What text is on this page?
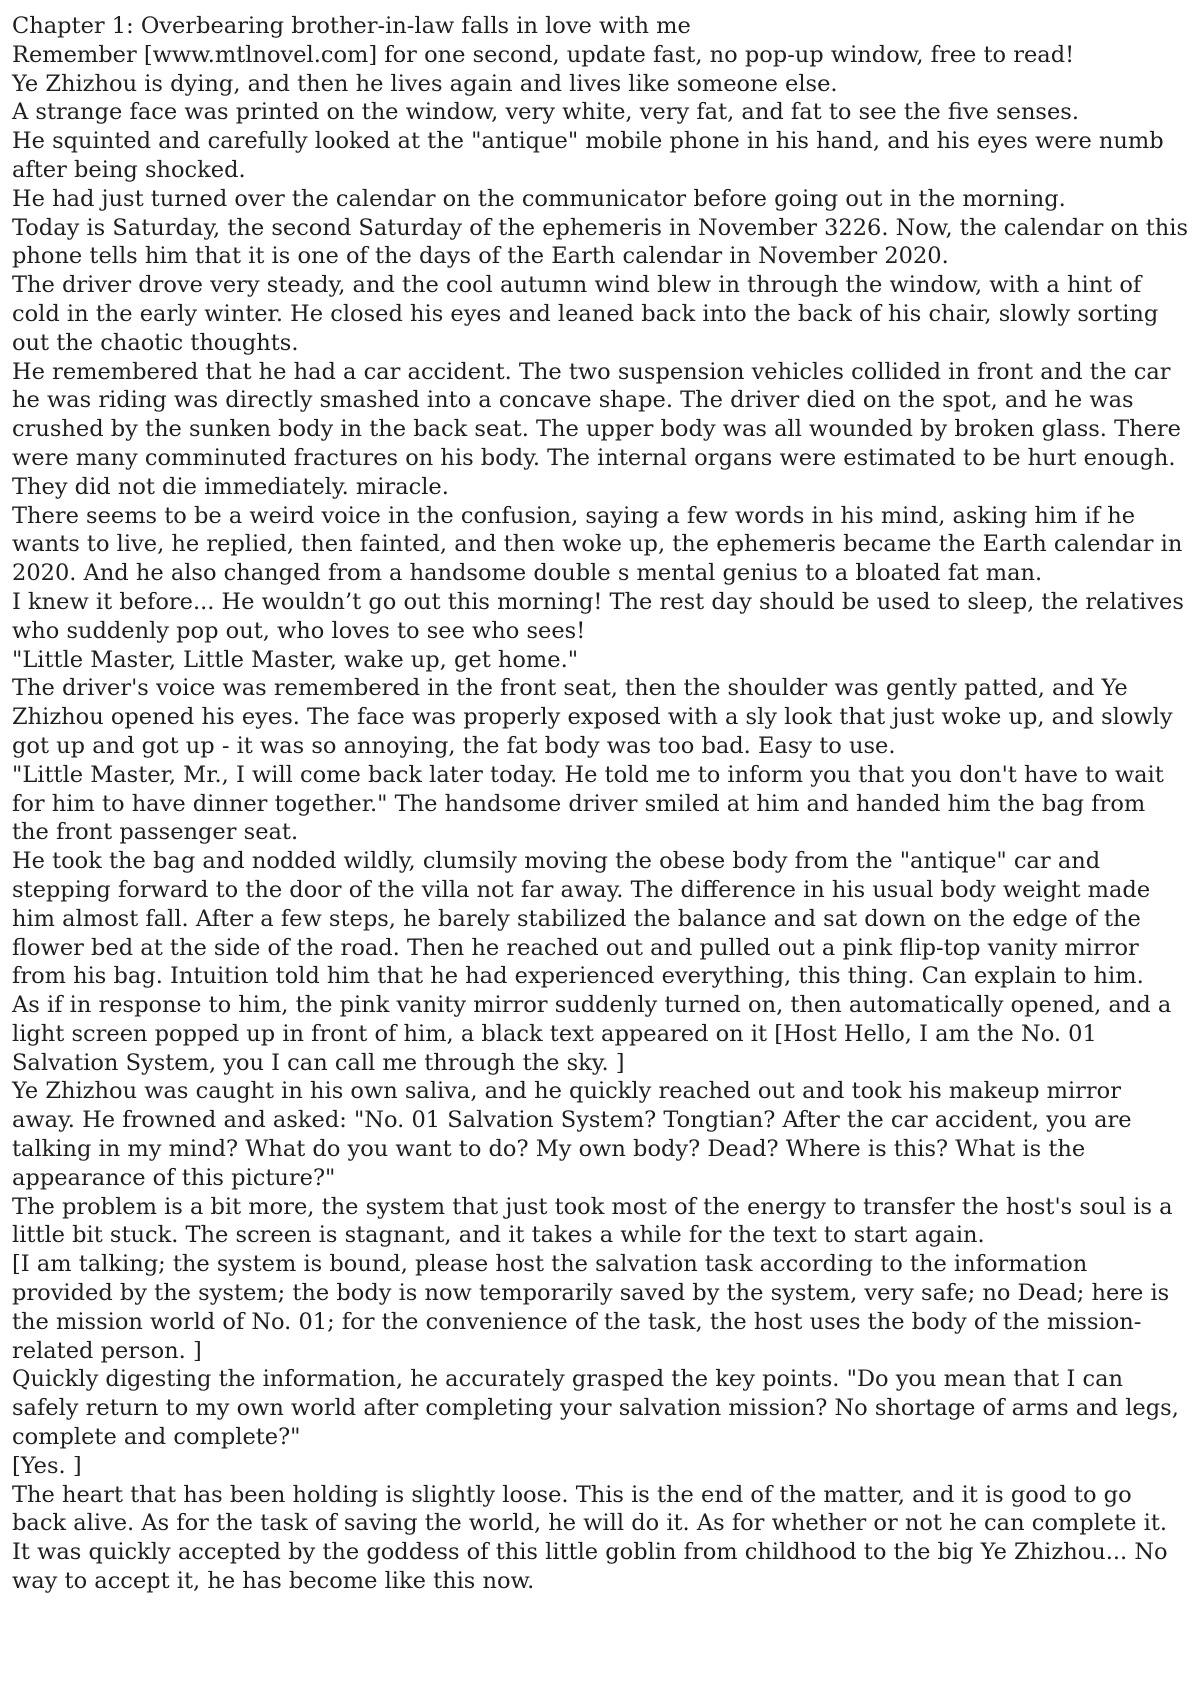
Chapter 1: Overbearing brother-in-law falls in love with me

Remember [www.mtlnovel.com] for one second, update fast, no pop-up window, free to read!

Ye Zhizhou is dying, and then he lives again and lives like someone else.

A strange face was printed on the window, very white, very fat, and fat to see the five senses.

He squinted and carefully looked at the "antique" mobile phone in his hand, and his eyes were numb after being shocked.

He had just turned over the calendar on the communicator before going out in the morning.

Today is Saturday, the second Saturday of the ephemeris in November 3226. Now, the calendar on this phone tells him that it is one of the days of the Earth calendar in November 2020.

The driver drove very steady, and the cool autumn wind blew in through the window, with a hint of cold in the early winter. He closed his eyes and leaned back into the back of his chair, slowly sorting out the chaotic thoughts.

He remembered that he had a car accident. The two suspension vehicles collided in front and the car he was riding was directly smashed into a concave shape. The driver died on the spot, and he was crushed by the sunken body in the back seat. The upper body was all wounded by broken glass. There were many comminuted fractures on his body. The internal organs were estimated to be hurt enough. They did not die immediately. miracle.

There seems to be a weird voice in the confusion, saying a few words in his mind, asking him if he wants to live, he replied, then fainted, and then woke up, the ephemeris became the Earth calendar in 2020. And he also changed from a handsome double s mental genius to a bloated fat man.

I knew it before... He wouldn’t go out this morning! The rest day should be used to sleep, the relatives who suddenly pop out, who loves to see who sees!

"Little Master, Little Master, wake up, get home."

The driver's voice was remembered in the front seat, then the shoulder was gently patted, and Ye Zhizhou opened his eyes. The face was properly exposed with a sly look that just woke up, and slowly got up and got up - it was so annoying, the fat body was too bad. Easy to use.

"Little Master, Mr., I will come back later today. He told me to inform you that you don't have to wait for him to have dinner together." The handsome driver smiled at him and handed him the bag from the front passenger seat.

He took the bag and nodded wildly, clumsily moving the obese body from the "antique" car and stepping forward to the door of the villa not far away. The difference in his usual body weight made him almost fall. After a few steps, he barely stabilized the balance and sat down on the edge of the flower bed at the side of the road. Then he reached out and pulled out a pink flip-top vanity mirror from his bag. Intuition told him that he had experienced everything, this thing. Can explain to him.

As if in response to him, the pink vanity mirror suddenly turned on, then automatically opened, and a light screen popped up in front of him, a black text appeared on it [Host Hello, I am the No. 01 Salvation System, you I can call me through the sky. ]

Ye Zhizhou was caught in his own saliva, and he quickly reached out and took his makeup mirror away. He frowned and asked: "No. 01 Salvation System? Tongtian? After the car accident, you are talking in my mind? What do you want to do? My own body? Dead? Where is this? What is the appearance of this picture?"

The problem is a bit more, the system that just took most of the energy to transfer the host's soul is a little bit stuck. The screen is stagnant, and it takes a while for the text to start again.

[I am talking; the system is bound, please host the salvation task according to the information provided by the system; the body is now temporarily saved by the system, very safe; no Dead; here is the mission world of No. 01; for the convenience of the task, the host uses the body of the mission-related person. ]

Quickly digesting the information, he accurately grasped the key points. "Do you mean that I can safely return to my own world after completing your salvation mission? No shortage of arms and legs, complete and complete?"

[Yes. ]

The heart that has been holding is slightly loose. This is the end of the matter, and it is good to go back alive. As for the task of saving the world, he will do it. As for whether or not he can complete it.

It was quickly accepted by the goddess of this little goblin from childhood to the big Ye Zhizhou... No way to accept it, he has become like this now.
